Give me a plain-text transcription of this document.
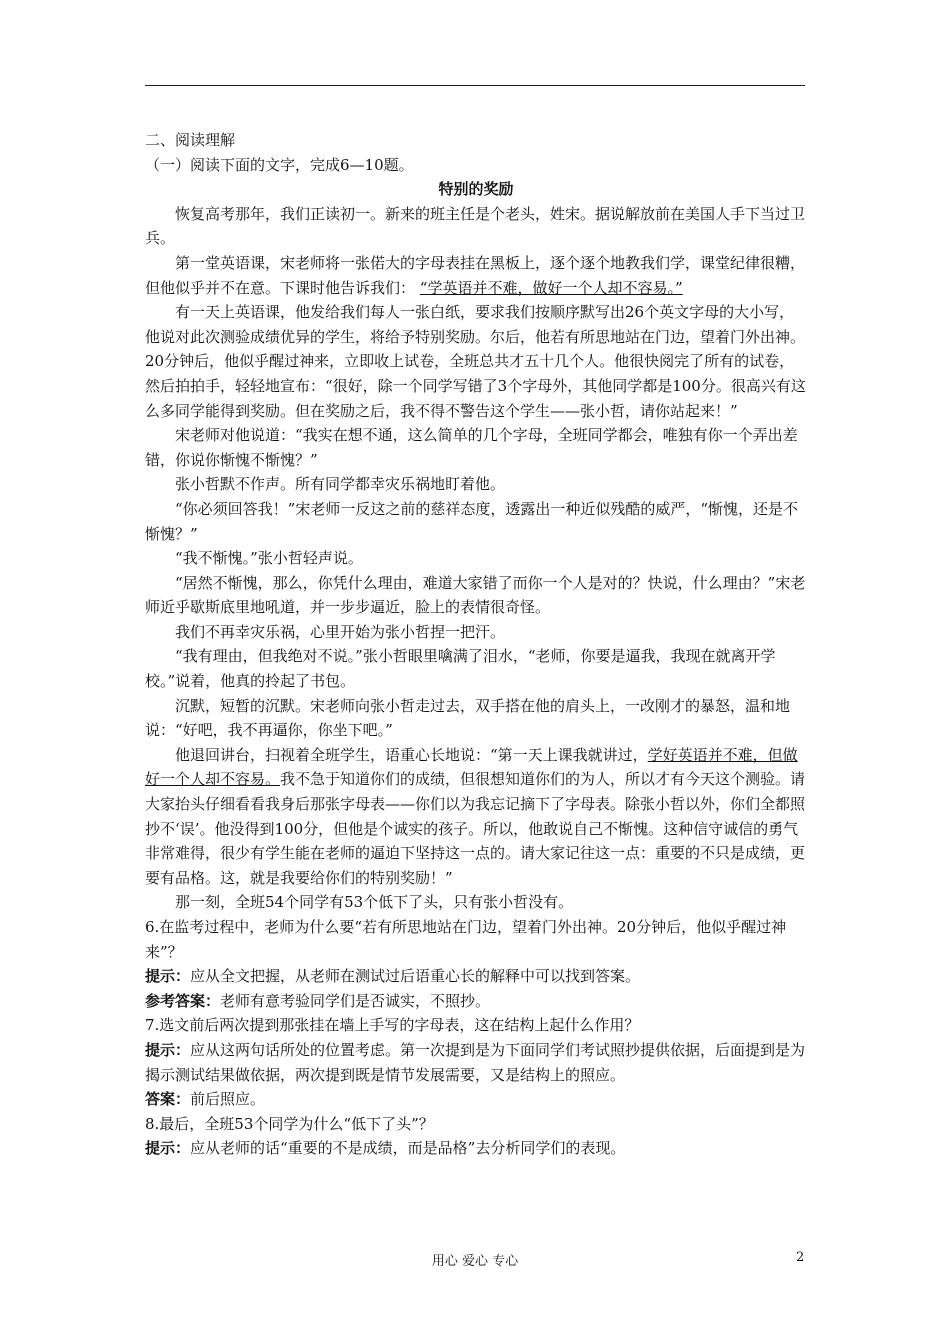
二、阅读理解

（一）阅读下面的文字，完成6—10题。

特别的奖励

恢复高考那年，我们正读初一。新来的班主任是个老头，姓宋。据说解放前在美国人手下当过卫兵。

第一堂英语课，宋老师将一张偌大的字母表挂在黑板上，逐个逐个地教我们学，课堂纪律很糟，但他似乎并不在意。下课时他告诉我们： “学英语并不难，做好一个人却不容易。”

有一天上英语课，他发给我们每人一张白纸，要求我们按顺序默写出26个英文字母的大小写，他说对此次测验成绩优异的学生，将给予特别奖励。尔后，他若有所思地站在门边，望着门外出神。20分钟后，他似乎醒过神来，立即收上试卷，全班总共才五十几个人。他很快阅完了所有的试卷，然后拍拍手，轻轻地宣布：“很好，除一个同学写错了3个字母外，其他同学都是100分。很高兴有这么多同学能得到奖励。但在奖励之后，我不得不警告这个学生——张小哲，请你站起来！”

宋老师对他说道：“我实在想不通，这么简单的几个字母，全班同学都会，唯独有你一个弄出差错，你说你惭愧不惭愧？”

张小哲默不作声。所有同学都幸灾乐祸地盯着他。

“你必须回答我！”宋老师一反这之前的慈祥态度，透露出一种近似残酷的威严，“惭愧，还是不惭愧？”

“我不惭愧。”张小哲轻声说。

“居然不惭愧，那么，你凭什么理由，难道大家错了而你一个人是对的？快说，什么理由？”宋老师近乎歇斯底里地吼道，并一步步逼近，脸上的表情很奇怪。

我们不再幸灾乐祸，心里开始为张小哲捏一把汗。

“我有理由，但我绝对不说。”张小哲眼里噙满了泪水，“老师，你要是逼我，我现在就离开学校。”说着，他真的拎起了书包。

沉默，短暂的沉默。宋老师向张小哲走过去，双手搭在他的肩头上，一改刚才的暴怒，温和地说：“好吧，我不再逼你，你坐下吧。”

他退回讲台，扫视着全班学生，语重心长地说：“第一天上课我就讲过，学好英语并不难，但做好一个人却不容易。我不急于知道你们的成绩，但很想知道你们的为人，所以才有今天这个测验。请大家抬头仔细看看我身后那张字母表——你们以为我忘记摘下了字母表。除张小哲以外，你们全都照抄不‘误’。他没得到100分，但他是个诚实的孩子。所以，他敢说自己不惭愧。这种信守诚信的勇气非常难得，很少有学生能在老师的逼迫下坚持这一点的。请大家记往这一点：重要的不只是成绩，更要有品格。这，就是我要给你们的特别奖励！”

那一刻，全班54个同学有53个低下了头，只有张小哲没有。

6.在监考过程中，老师为什么要“若有所思地站在门边，望着门外出神。20分钟后，他似乎醒过神来”？

提示：应从全文把握，从老师在测试过后语重心长的解释中可以找到答案。

参考答案：老师有意考验同学们是否诚实，不照抄。

7.选文前后两次提到那张挂在墙上手写的字母表，这在结构上起什么作用？

提示：应从这两句话所处的位置考虑。第一次提到是为下面同学们考试照抄提供依据，后面提到是为揭示测试结果做依据，两次提到既是情节发展需要，又是结构上的照应。

答案：前后照应。

8.最后，全班53个同学为什么“低下了头”？

提示：应从老师的话“重要的不是成绩，而是品格”去分析同学们的表现。

用心 爱心 专心	2
